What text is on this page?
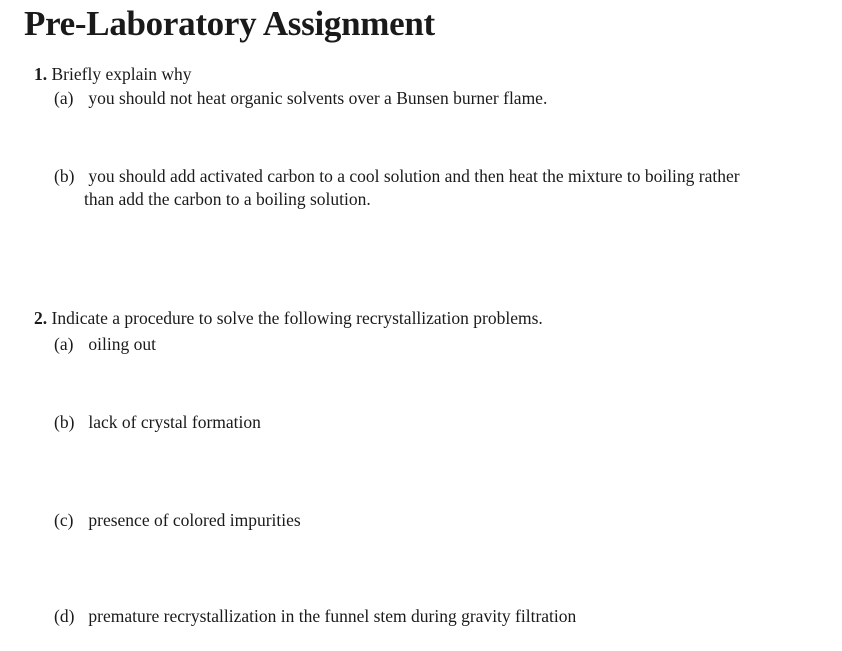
Pre-Laboratory Assignment
1. Briefly explain why
(a) you should not heat organic solvents over a Bunsen burner flame.
(b) you should add activated carbon to a cool solution and then heat the mixture to boiling rather
than add the carbon to a boiling solution.
2. Indicate a procedure to solve the following recrystallization problems.
(a) oiling out
(b) lack of crystal formation
(c) presence of colored impurities
(d) premature recrystallization in the funnel stem during gravity filtration
